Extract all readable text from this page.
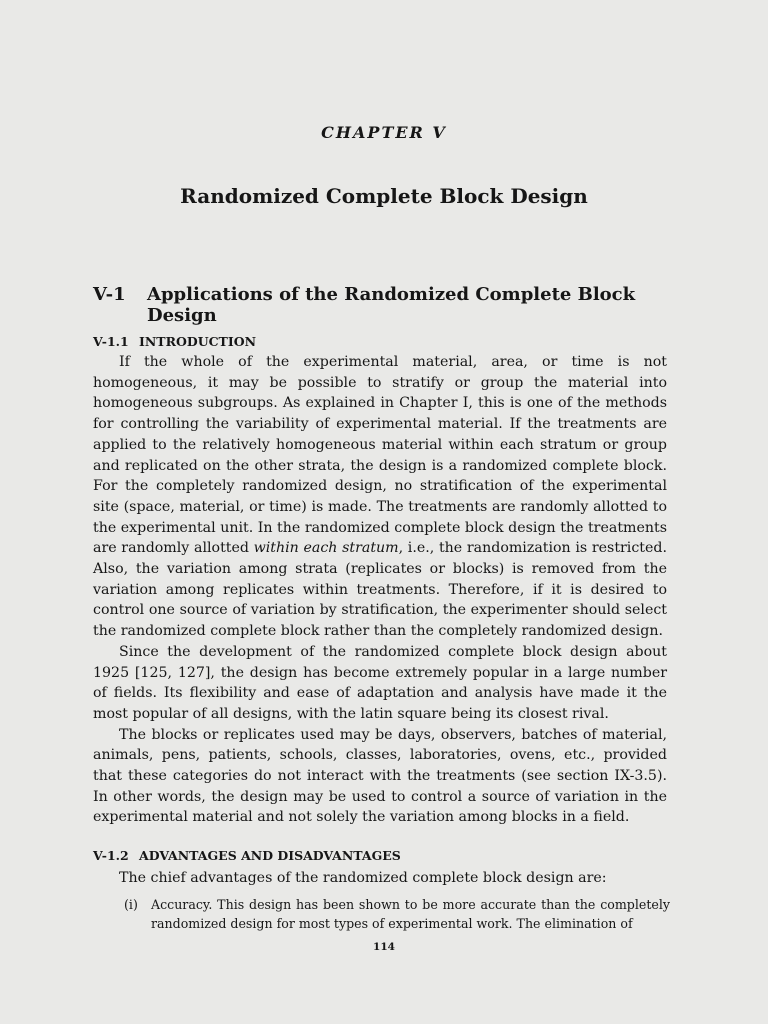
CHAPTER V
Randomized Complete Block Design
V-1 Applications of the Randomized Complete Block Design
V-1.1 INTRODUCTION

If the whole of the experimental material, area, or time is not homogeneous, it may be possible to stratify or group the material into homogeneous subgroups. As explained in Chapter I, this is one of the methods for controlling the variability of experimental material. If the treatments are applied to the relatively homogeneous material within each stratum or group and replicated on the other strata, the design is a randomized complete block. For the completely randomized design, no stratification of the experimental site (space, material, or time) is made. The treatments are randomly allotted to the experimental unit. In the randomized complete block design the treatments are randomly allotted within each stratum, i.e., the randomization is restricted. Also, the variation among strata (replicates or blocks) is removed from the variation among replicates within treatments. Therefore, if it is desired to control one source of variation by stratification, the experimenter should select the randomized complete block rather than the completely randomized design.

Since the development of the randomized complete block design about 1925 [125, 127], the design has become extremely popular in a large number of fields. Its flexibility and ease of adaptation and analysis have made it the most popular of all designs, with the latin square being its closest rival.

The blocks or replicates used may be days, observers, batches of material, animals, pens, patients, schools, classes, laboratories, ovens, etc., provided that these categories do not interact with the treatments (see section IX-3.5). In other words, the design may be used to control a source of variation in the experimental material and not solely the variation among blocks in a field.

V-1.2 ADVANTAGES AND DISADVANTAGES
The chief advantages of the randomized complete block design are:
(i)	Accuracy. This design has been shown to be more accurate than the completely randomized design for most types of experimental work. The elimination of
114
